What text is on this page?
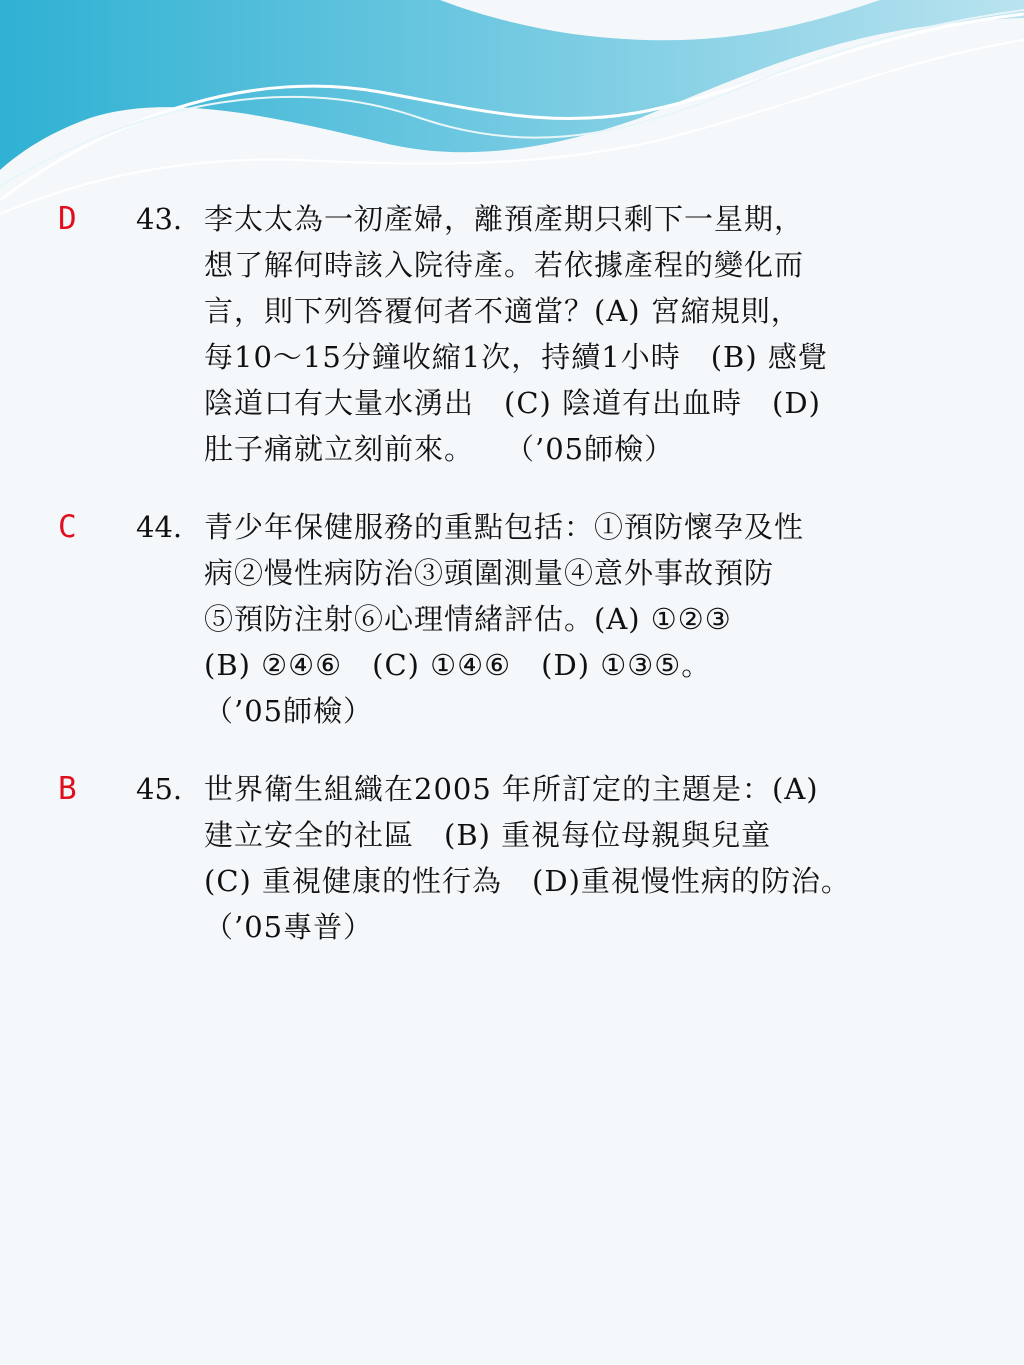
D 43. 李太太為一初產婦，離預產期只剩下一星期，
想了解何時該入院待產。若依據產程的變化而
言，則下列答覆何者不適當？(A) 宮縮規則，
每10～15分鐘收縮1次，持續1小時　(B) 感覺
陰道口有大量水湧出　(C) 陰道有出血時　(D)
肚子痛就立刻前來。　　（’05師檢）
C 44. 青少年保健服務的重點包括：①預防懷孕及性
病②慢性病防治③頭圍測量④意外事故預防
⑤預防注射⑥心理情緒評估。(A) ①②③
(B) ②④⑥　(C) ①④⑥　(D) ①③⑤。
（’05師檢）
B 45. 世界衛生組織在2005 年所訂定的主題是：(A)
建立安全的社區　(B) 重視每位母親與兒童
(C) 重視健康的性行為　(D)重視慢性病的防治。
（’05專普）
